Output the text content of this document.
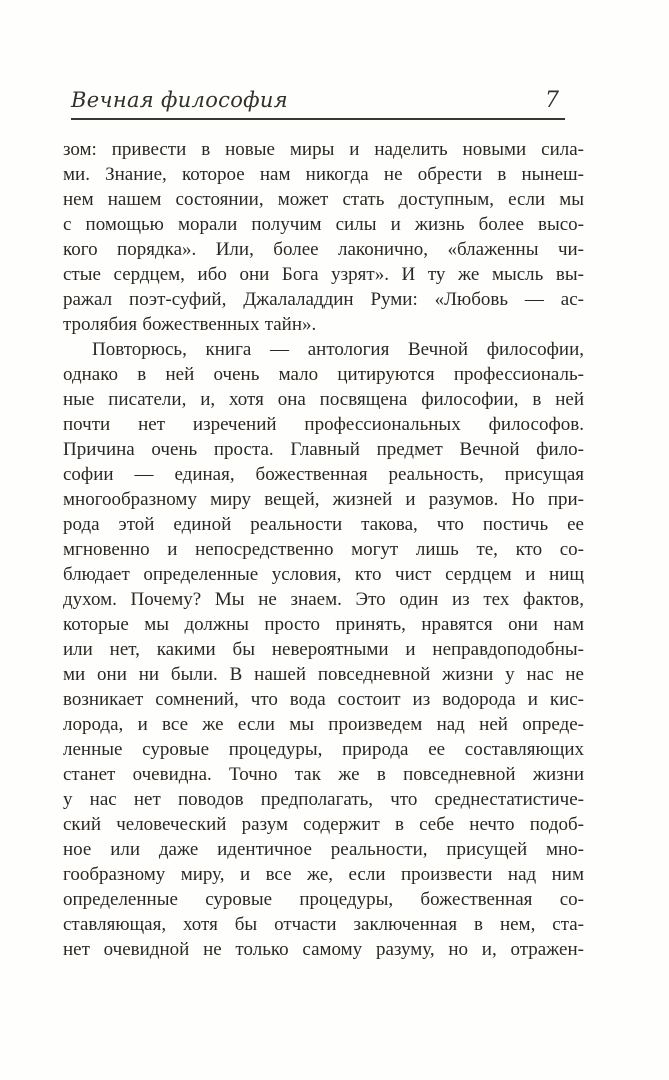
Вечная философия	7
зом: привести в новые миры и наделить новыми сила-
ми. Знание, которое нам никогда не обрести в нынеш-
нем нашем состоянии, может стать доступным, если мы
с помощью морали получим силы и жизнь более высо-
кого порядка». Или, более лаконично, «блаженны чи-
стые сердцем, ибо они Бога узрят». И ту же мысль вы-
ражал поэт-суфий, Джалаладдин Руми: «Любовь — ас-
тролябия божественных тайн».
Повторюсь, книга — антология Вечной философии,
однако в ней очень мало цитируются профессиональ-
ные писатели, и, хотя она посвящена философии, в ней
почти нет изречений профессиональных философов.
Причина очень проста. Главный предмет Вечной фило-
софии — единая, божественная реальность, присущая
многообразному миру вещей, жизней и разумов. Но при-
рода этой единой реальности такова, что постичь ее
мгновенно и непосредственно могут лишь те, кто со-
блюдает определенные условия, кто чист сердцем и нищ
духом. Почему? Мы не знаем. Это один из тех фактов,
которые мы должны просто принять, нравятся они нам
или нет, какими бы невероятными и неправдоподобны-
ми они ни были. В нашей повседневной жизни у нас не
возникает сомнений, что вода состоит из водорода и кис-
лорода, и все же если мы произведем над ней опреде-
ленные суровые процедуры, природа ее составляющих
станет очевидна. Точно так же в повседневной жизни
у нас нет поводов предполагать, что среднестатистиче-
ский человеческий разум содержит в себе нечто подоб-
ное или даже идентичное реальности, присущей мно-
гообразному миру, и все же, если произвести над ним
определенные суровые процедуры, божественная со-
ставляющая, хотя бы отчасти заключенная в нем, ста-
нет очевидной не только самому разуму, но и, отражен-
